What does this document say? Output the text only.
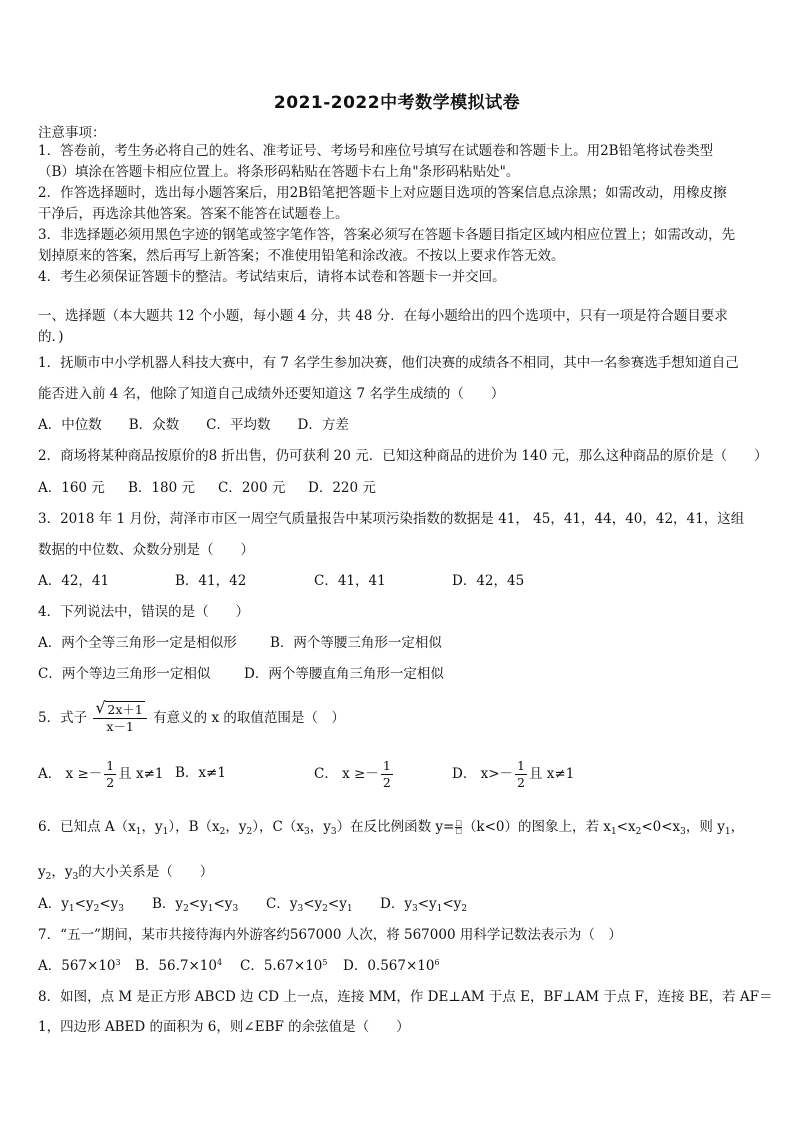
2021-2022中考数学模拟试卷
注意事项：
1．答卷前，考生务必将自己的姓名、准考证号、考场号和座位号填写在试题卷和答题卡上。用2B铅笔将试卷类型
（B）填涂在答题卡相应位置上。将条形码粘贴在答题卡右上角"条形码粘贴处"。
2．作答选择题时，选出每小题答案后，用2B铅笔把答题卡上对应题目选项的答案信息点涂黑；如需改动，用橡皮擦
干净后，再选涂其他答案。答案不能答在试题卷上。
3．非选择题必须用黑色字迹的钢笔或签字笔作答，答案必须写在答题卡各题目指定区域内相应位置上；如需改动，先
划掉原来的答案，然后再写上新答案；不准使用铅笔和涂改液。不按以上要求作答无效。
4．考生必须保证答题卡的整洁。考试结束后，请将本试卷和答题卡一并交回。
一、选择题（本大题共 12 个小题，每小题 4 分，共 48 分．在每小题给出的四个选项中，只有一项是符合题目要求
的．)
1．抚顺市中小学机器人科技大赛中，有 7 名学生参加决赛，他们决赛的成绩各不相同，其中一名参赛选手想知道自己
能否进入前 4 名，他除了知道自己成绩外还要知道这 7 名学生成绩的（　　）
A．中位数　　B．众数　　C．平均数　　D．方差
2．商场将某种商品按原价的8 折出售，仍可获利 20 元．已知这种商品的进价为 140 元，那么这种商品的原价是（　　）
A．160 元 B．180 元 C．200 元 D．220 元
3．2018 年 1 月份，菏泽市市区一周空气质量报告中某项污染指数的数据是 41， 45，41，44，40，42，41，这组
数据的中位数、众数分别是（　　）
A．42，41	B．41，42	C．41，41	D．42，45
4．下列说法中，错误的是（　　）
A．两个全等三角形一定是相似形 B．两个等腰三角形一定相似
C．两个等边三角形一定相似 D．两个等腰直角三角形一定相似
5．式子 $\frac{√ 2x+1}{x-1}$ 有意义的 x 的取值范围是（　）
A． $x \ge- \frac{1}{2}$ 且 x≠1 B．x≠1	C． $x \ge- \frac{1}{2}$	D． $x>- \frac{1}{2}$ 且 x≠1
6．已知点 $A(x_1$，$y_1$），$B(x_2$，$y_2$），$C(x_3$，$y_3$）在反比例函数 y= □
□ （k<0）的图象上，若 $x_1<x_2<0<x_3$，则 $y_1$，
$y_2$，$y_3$的大小关系是（　　）
A．$y_1<y_2<y_3$ B．$y_2<y_1<y_3$ C．$y_3<y_2<y_1$ D．$y_3<y_1<y_2$
7．“五一”期间，某市共接待海内外游客约567000 人次，将 567000 用科学记数法表示为（　）
A．$567\times 10^3$ B．$56.7\times 10^4$ C．$5.67\times 10^5$ D．$0.567\times 10^6$
8．如图，点 M 是正方形 ABCD 边 CD 上一点，连接 MM，作 DE⊥AM 于点 E，BF⊥AM 于点 F，连接 BE，若 AF＝
1，四边形 ABED 的面积为 6，则∠EBF 的余弦值是（　　）
